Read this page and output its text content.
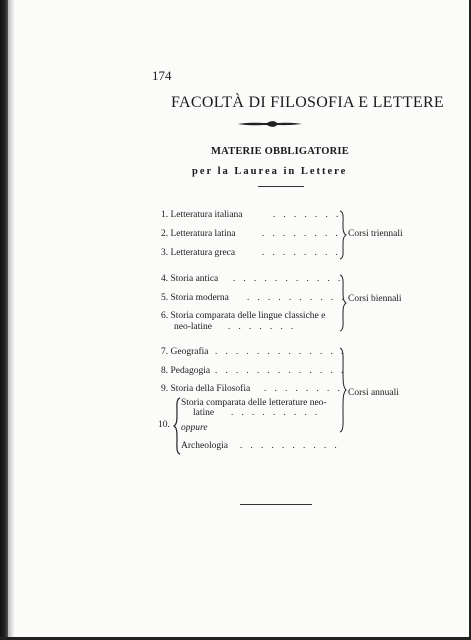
174
FACOLTÀ DI FILOSOFIA E LETTERE
MATERIE OBBLIGATORIE
per la Laurea in Lettere
1. Letteratura italiana	. . . . . . .
2. Letteratura latina	. . . . . . . .
3. Letteratura greca	. . . . . . . .
Corsi triennali
4. Storia antica . . . . . . . . . . .
5. Storia moderna . . . . . . . . . .
6. Storia comparata delle lingue classiche e
neo-latine . . . . . . .
Corsi biennali
7. Geografia . . . . . . . . . . . . .
8. Pedagogia . . . . . . . . . . . . .
9. Storia della Filosofia . . . . . . . .
10.
Storia comparata delle letterature neo-
latine . . . . . . . . .
oppure
Archeologia . . . . . . . . . .
Corsi annuali
